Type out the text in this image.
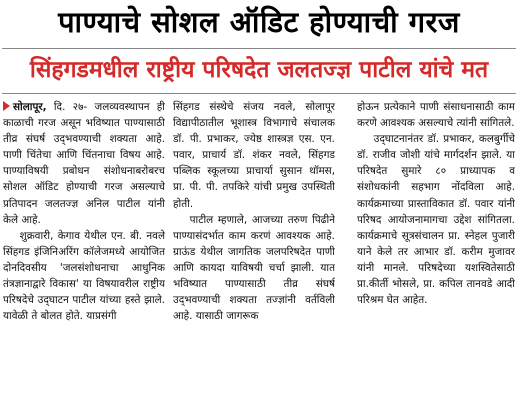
पाण्याचे सोशल ऑडिट होण्याची गरज
सिंहगडमधील राष्ट्रीय परिषदेत जलतज्ज्ञ पाटील यांचे मत

सोलापूर, दि. २७- जलव्यवस्थापन ही काळाची गरज असून भविष्यात पाण्यासाठी तीव्र संघर्ष उद्‌भवण्याची शक्यता आहे. पाणी चिंतेचा आणि चिंतनाचा विषय आहे. पाण्याविषयी प्रबोधन संशोधनाबरोबरच सोशल ऑडिट होण्याची गरज असल्याचे प्रतिपादन जलतज्ज्ञ अनिल पाटील यांनी केले आहे.

शुक्रवारी, केगाव येथील एन. बी. नवले सिंहगड इंजिनिअरिंग कॉलेजमध्ये आयोजित दोनदिवसीय 'जलसंशोधनाचा आधुनिक तंत्रज्ञानाद्वारे विकास' या विषयावरील राष्ट्रीय परिषदेचे उद्‌घाटन पाटील यांच्या हस्ते झाले. यावेळी ते बोलत होते. याप्रसंगी

सिंहगड संस्थेचे संजय नवले, सोलापूर विद्यापीठातील भूशास्त्र विभागाचे संचालक डॉ. पी. प्रभाकर, ज्येष्ठ शास्त्रज्ञ एस. एन. पवार, प्राचार्य डॉ. शंकर नवले, सिंहगड पब्लिक स्कूलच्या प्राचार्या सुसान थॉमस, प्रा. पी. पी. तपकिरे यांची प्रमुख उपस्थिती होती.

पाटील म्हणाले, आजच्या तरुण पिढीने पाण्यासंदर्भात काम करणं आवश्यक आहे. ग्राऊंड येथील जागतिक जलपरिषदेत पाणी आणि कायदा याविषयी चर्चा झाली. यात भविष्यात पाण्यासाठी तीव्र संघर्ष उद्‌भवण्याची शक्यता तज्ज्ञांनी वर्तविली आहे. यासाठी जागरूक

होऊन प्रत्येकाने पाणी संसाधनासाठी काम करणे आवश्यक असल्याचे त्यांनी सांगितले.

उद्‌घाटनानंतर डॉ. प्रभाकर, कलबुर्गीचे डॉ. राजीव जोशी यांचे मार्गदर्शन झाले. या परिषदेत सुमारे ८० प्राध्यापक व संशोधकांनी सहभाग नोंदविला आहे. कार्यक्रमाच्या प्रास्ताविकात डॉ. पवार यांनी परिषद आयोजनामागचा उद्देश सांगितला. कार्यक्रमाचे सूत्रसंचालन प्रा. स्नेहल पुजारी याने केले तर आभार डॉ. करीम मुजावर यांनी मानले. परिषदेच्या यशस्वितेसाठी प्रा.कीर्ती भोसले, प्रा. कपिल तानवडे आदी परिश्रम घेत आहेत.
